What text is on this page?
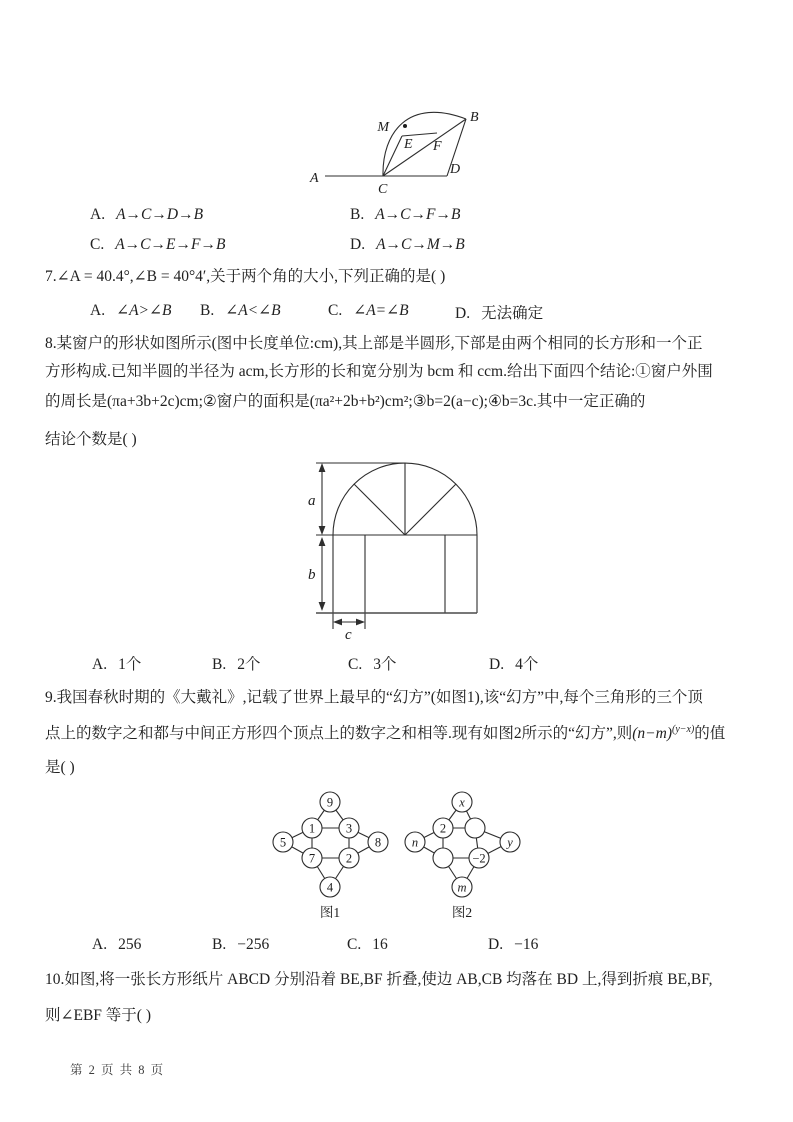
A
B
C
D
E F
M
A. A→C→D→B	B. A→C→F→B
C. A→C→E→F→B	D. A→C→M→B
7.∠A = 40.4°,∠B = 40°4′,关于两个角的大小,下列正确的是( )
A. ∠A>∠B B. ∠A<∠B	C. ∠A=∠B	D. 无法确定
8.某窗户的形状如图所示(图中长度单位:cm),其上部是半圆形,下部是由两个相同的长方形和一个正
方形构成.已知半圆的半径为 acm,长方形的长和宽分别为 bcm 和 ccm.给出下面四个结论:①窗户外围
的周长是(πa+3b+2c)cm;②窗户的面积是(πa²+2b+b²)cm²;③b=2(a−c);④b=3c.其中一定正确的
结论个数是( )
a
b
c
A. 1个	B. 2个	C. 3个	D. 4个
9.我国春秋时期的《大戴礼》,记载了世界上最早的“幻方”(如图1),该“幻方”中,每个三角形的三个顶
点上的数字之和都与中间正方形四个顶点上的数字之和相等.现有如图2所示的“幻方”,则$(n-m)^{(y-x)}$的值
是( )
9
1 3
5	8
7 2
4
图1
x
2
n	y
−2
m
图2
A. 256	B. −256	C. 16	D. −16
10.如图,将一张长方形纸片 ABCD 分别沿着 BE,BF 折叠,使边 AB,CB 均落在 BD 上,得到折痕 BE,BF,
则∠EBF 等于( )
第 2 页 共 8 页
